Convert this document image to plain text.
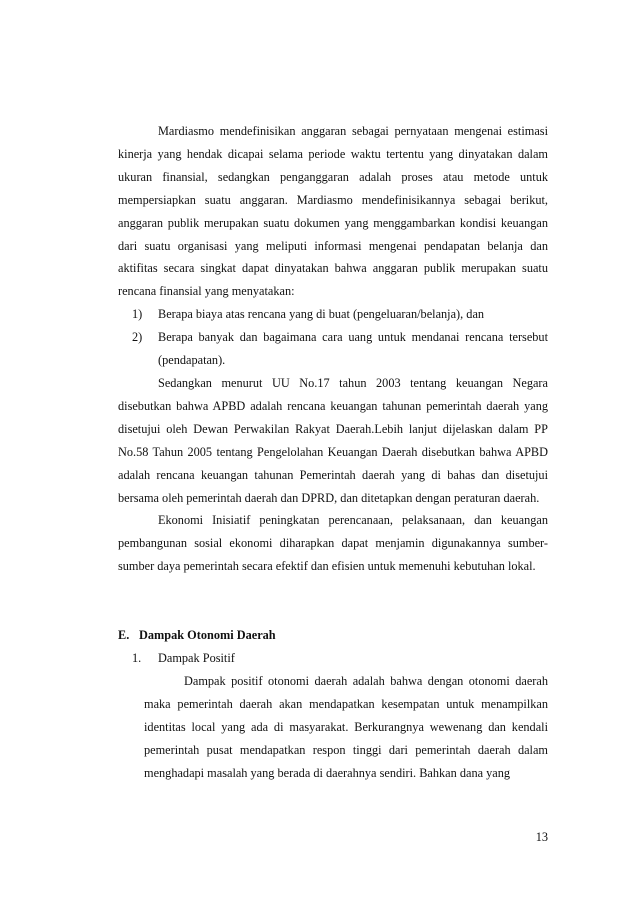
Mardiasmo mendefinisikan anggaran sebagai pernyataan mengenai estimasi kinerja yang hendak dicapai selama periode waktu tertentu yang dinyatakan dalam ukuran finansial, sedangkan penganggaran adalah proses atau metode untuk mempersiapkan suatu anggaran. Mardiasmo mendefinisikannya sebagai berikut, anggaran publik merupakan suatu dokumen yang menggambarkan kondisi keuangan dari suatu organisasi yang meliputi informasi mengenai pendapatan belanja dan aktifitas secara singkat dapat dinyatakan bahwa anggaran publik merupakan suatu rencana finansial yang menyatakan:

1) Berapa biaya atas rencana yang di buat (pengeluaran/belanja), dan
2) Berapa banyak dan bagaimana cara uang untuk mendanai rencana tersebut (pendapatan).

Sedangkan menurut UU No.17 tahun 2003 tentang keuangan Negara disebutkan bahwa APBD adalah rencana keuangan tahunan pemerintah daerah yang disetujui oleh Dewan Perwakilan Rakyat Daerah.Lebih lanjut dijelaskan dalam PP No.58 Tahun 2005 tentang Pengelolahan Keuangan Daerah disebutkan bahwa APBD adalah rencana keuangan tahunan Pemerintah daerah yang di bahas dan disetujui bersama oleh pemerintah daerah dan DPRD, dan ditetapkan dengan peraturan daerah.

Ekonomi Inisiatif peningkatan perencanaan, pelaksanaan, dan keuangan pembangunan sosial ekonomi diharapkan dapat menjamin digunakannya sumber-sumber daya pemerintah secara efektif dan efisien untuk memenuhi kebutuhan lokal.

E. Dampak Otonomi Daerah

1. Dampak Positif

Dampak positif otonomi daerah adalah bahwa dengan otonomi daerah maka pemerintah daerah akan mendapatkan kesempatan untuk menampilkan identitas local yang ada di masyarakat. Berkurangnya wewenang dan kendali pemerintah pusat mendapatkan respon tinggi dari pemerintah daerah dalam menghadapi masalah yang berada di daerahnya sendiri. Bahkan dana yang

13
